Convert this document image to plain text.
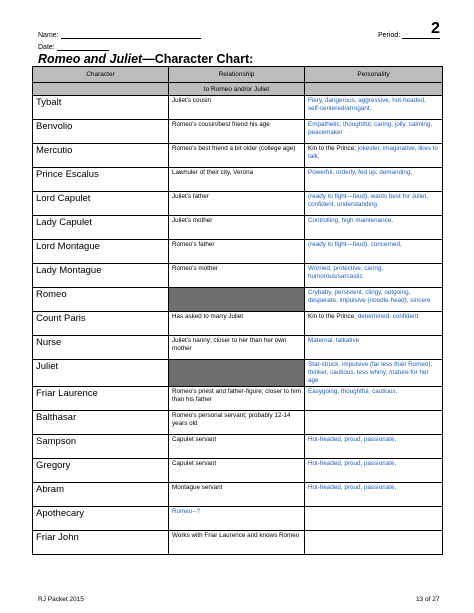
Name:
Date:
Period:	2
Romeo and Juliet—Character Chart:
Character	Relationship	Personality
	to Romeo and/or Juliet	
Tybalt	Juliet's cousin	Fiery, dangerous, aggressive, hot-headed, self-centered/arrogant,
Benvolio	Romeo's cousin/best friend his age	Empathetic, thoughtful, caring, jolly, calming, peacemaker
Mercutio	Romeo's best friend a bit older (college age)	Kin to the Prince; jokester, imaginative, likes to talk,
Prince Escalus	Law/ruler of their city, Verona	Powerful, orderly, fed up, demanding,
Lord Capulet	Juliet's father	(ready to fight—feud), wants best for Juliet, confident, understanding
Lady Capulet	Juliet's mother	Controlling, high maintenance,
Lord Montague	Romeo's father	(ready to fight—feud), concerned,
Lady Montague	Romeo's mother	Worried, protective, caring, humorous/sarcastic
Romeo		Crybaby, persistent, clingy, outgoing, desperate, impulsive (noodle-head), sincere
Count Paris	Has asked to marry Juliet	Kin to the Prince; determined, confident
Nurse	Juliet's nanny; closer to her than her own mother	Maternal, talkative
Juliet		Star-struck, impulsive (far less than Romeo), thinker, cautious, less whiny, mature for her age
Friar Laurence	Romeo's priest and father-figure; closer to him than his father	Easygoing, thoughtful, cautious,
Balthasar	Romeo's personal servant; probably 12-14 years old	
Sampson	Capulet servant	Hot-headed, proud, passionate,
Gregory	Capulet servant	Hot-headed, proud, passionate,
Abram	Montague servant	Hot-headed, proud, passionate,
Apothecary	Romeo--?	
Friar John	Works with Friar Laurence and knows Romeo	
RJ Packet 2015	13 of 27
